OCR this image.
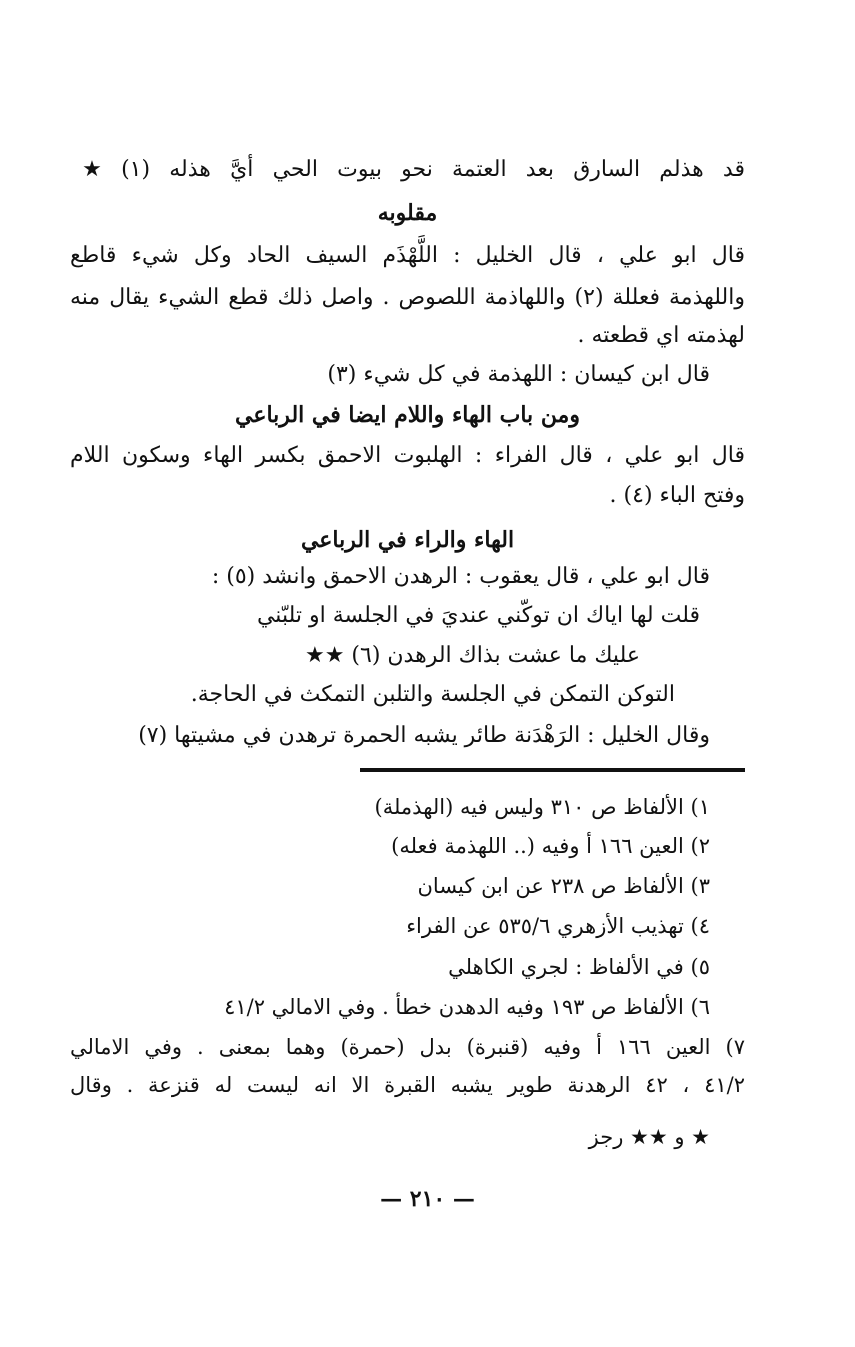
قد هذلم السارق بعد العتمة نحو بيوت الحي أيَّ هذله (١) ★
مقلوبه
قال ابو علي ، قال الخليل : اللَّهْذَم السيف الحاد وكل شيء قاطع
واللهذمة فعللة (٢) واللهاذمة اللصوص . واصل ذلك قطع الشيء يقال منه
لهذمته اي قطعته .
قال ابن كيسان : اللهذمة في كل شيء (٣)
ومن باب الهاء واللام ايضا في الرباعي
قال ابو علي ، قال الفراء : الهلبوت الاحمق بكسر الهاء وسكون اللام
وفتح الباء (٤) .
الهاء والراء في الرباعي
قال ابو علي ، قال يعقوب : الرهدن الاحمق وانشد (٥) :
قلت لها اياك ان توكّني عنديَ في الجلسة او تلبّني
عليك ما عشت بذاك الرهدن (٦) ★★
التوكن التمكن في الجلسة والتلبن التمكث في الحاجة.
وقال الخليل : الرَهْدَنة طائر يشبه الحمرة ترهدن في مشيتها (٧)
١) الألفاظ ص ٣١٠ وليس فيه (الهذملة)
٢) العين ١٦٦ أ وفيه (.. اللهذمة فعله)
٣) الألفاظ ص ٢٣٨ عن ابن كيسان
٤) تهذيب الأزهري ٥٣٥/٦ عن الفراء
٥) في الألفاظ : لجري الكاهلي
٦) الألفاظ ص ١٩٣ وفيه الدهدن خطأ . وفي الامالي ٤١/٢
٧) العين ١٦٦ أ وفيه (قنبرة) بدل (حمرة) وهما بمعنى . وفي الامالي
٤١/٢ ، ٤٢ الرهدنة طوير يشبه القبرة الا انه ليست له قنزعة . وقال
★ و ★★ رجز
— ٢١٠ —
